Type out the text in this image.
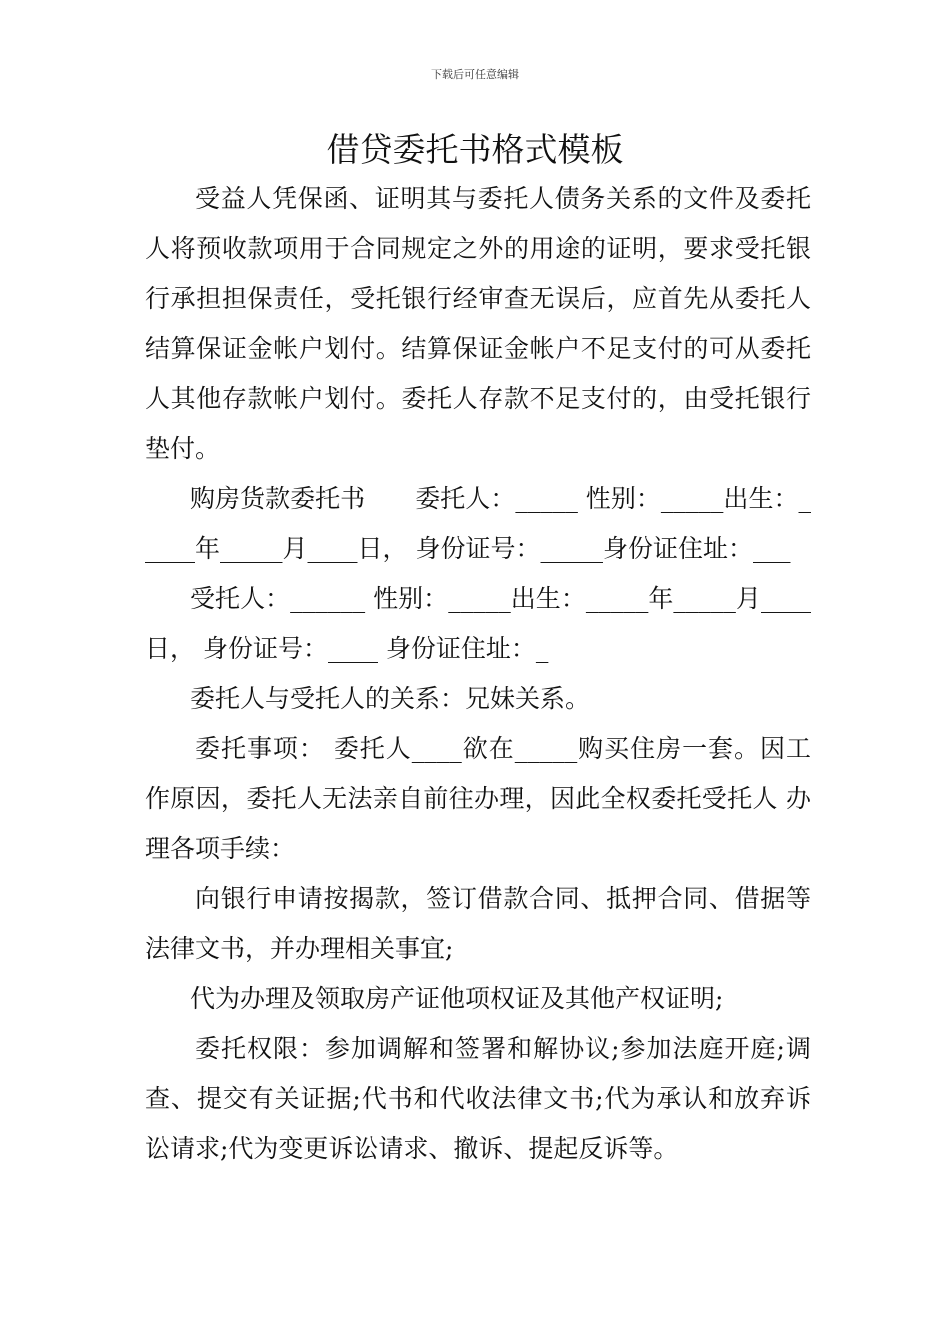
下载后可任意编辑
借贷委托书格式模板

受益人凭保函、证明其与委托人债务关系的文件及委托人将预收款项用于合同规定之外的用途的证明，要求受托银行承担担保责任，受托银行经审查无误后，应首先从委托人结算保证金帐户划付。结算保证金帐户不足支付的可从委托人其他存款帐户划付。委托人存款不足支付的，由受托银行垫付。

购房货款委托书　　委托人：_____ 性别：_____出生：_____年_____月____日， 身份证号：_____身份证住址：___

受托人：______ 性别：_____出生：_____年_____月____日， 身份证号：____ 身份证住址：_

委托人与受托人的关系：兄妹关系。

委托事项： 委托人____欲在_____购买住房一套。因工作原因，委托人无法亲自前往办理，因此全权委托受托人 办理各项手续：

向银行申请按揭款，签订借款合同、抵押合同、借据等法律文书，并办理相关事宜;

代为办理及领取房产证他项权证及其他产权证明;

委托权限：参加调解和签署和解协议;参加法庭开庭;调查、提交有关证据;代书和代收法律文书;代为承认和放弃诉讼请求;代为变更诉讼请求、撤诉、提起反诉等。
